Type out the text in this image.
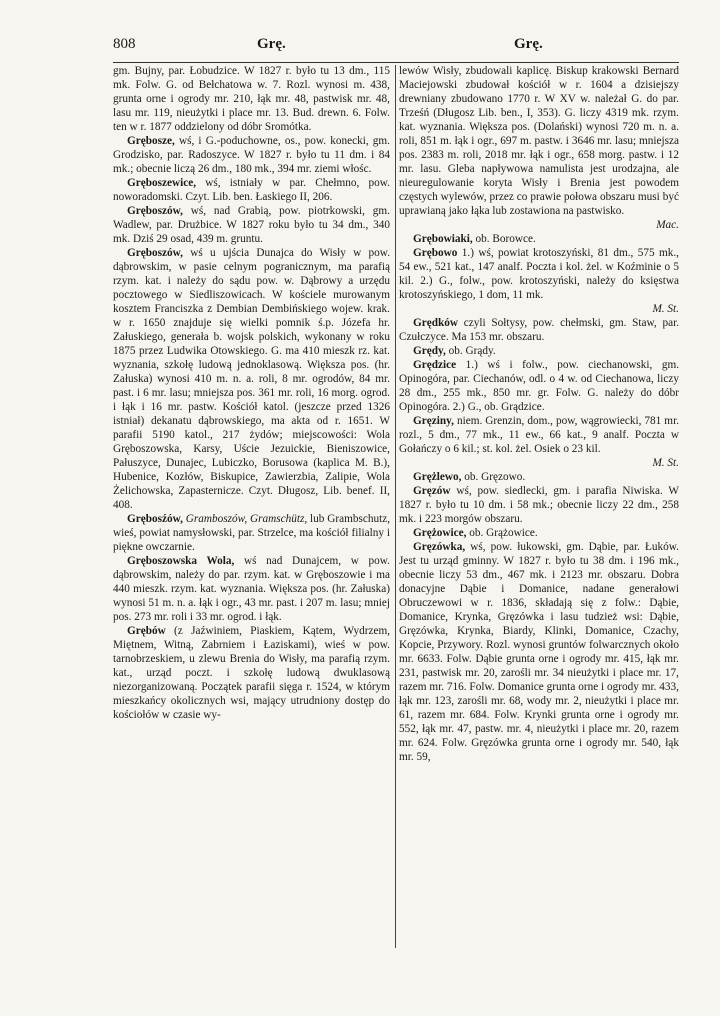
808	Grę.	Grę.

gm. Bujny, par. Łobudzice. W 1827 r. było tu 13 dm., 115 mk. Folw. G. od Bełchatowa w. 7. Rozl. wynosi m. 438, grunta orne i ogrody mr. 210, łąk mr. 48, pastwisk mr. 48, lasu mr. 119, nieużytki i place mr. 13. Bud. drewn. 6. Folw. ten w r. 1877 oddzielony od dóbr Sromótka.

Grębosze, wś, i G.-poduchowne, os., pow. konecki, gm. Grodzisko, par. Radoszyce. W 1827 r. było tu 11 dm. i 84 mk.; obecnie liczą 26 dm., 180 mk., 394 mr. ziemi włośc.

Gręboszewice, wś, istniały w par. Chełmno, pow. noworadomski. Czyt. Lib. ben. Łaskiego II, 206.

Gręboszów, wś, nad Grabią, pow. piotrkowski, gm. Wadlew, par. Drużbice. W 1827 roku było tu 34 dm., 340 mk. Dziś 29 osad, 439 m. gruntu.

Gręboszów, wś u ujścia Dunajca do Wisły w pow. dąbrowskim, w pasie celnym pogranicznym, ma parafią rzym. kat. i należy do sądu pow. w. Dąbrowy a urzędu pocztowego w Siedliszowicach. W kościele murowanym kosztem Franciszka z Dembian Dembińskiego wojew. krak. w r. 1650 znajduje się wielki pomnik ś.p. Józefa hr. Załuskiego, generała b. wojsk polskich, wykonany w roku 1875 przez Ludwika Otowskiego. G. ma 410 mieszk rz. kat. wyznania, szkołę ludową jednoklasową. Większa pos. (hr. Załuska) wynosi 410 m. n. a. roli, 8 mr. ogrodów, 84 mr. past. i 6 mr. lasu; mniejsza pos. 361 mr. roli, 16 morg. ogrod. i łąk i 16 mr. pastw. Kościół katol. (jeszcze przed 1326 istniał) dekanatu dąbrowskiego, ma akta od r. 1651. W parafii 5190 katol., 217 żydów; miejscowości: Wola Gręboszowska, Karsy, Uście Jezuickie, Bieniszowice, Pałuszyce, Dunajec, Lubiczko, Borusowa (kaplica M. B.), Hubenice, Kozłów, Biskupice, Zawierzbia, Zalipie, Wola Żelichowska, Zapasternicze. Czyt. Długosz, Lib. benef. II, 408.

Grębosźów, Gramboszów, Gramschütz, lub Grambschutz, wieś, powiat namysłowski, par. Strzelce, ma kościół filialny i piękne owczarnie.

Gręboszowska Wola, wś nad Dunajcem, w pow. dąbrowskim, należy do par. rzym. kat. w Gręboszowie i ma 440 mieszk. rzym. kat. wyznania. Większa pos. (hr. Załuska) wynosi 51 m. n. a. łąk i ogr., 43 mr. past. i 207 m. lasu; mniej pos. 273 mr. roli i 33 mr. ogrod. i łąk.

Grębów (z Jaźwiniem, Piaskiem, Kątem, Wydrzem, Miętnem, Witną, Zabrniem i Łaziskami), wieś w pow. tarnobrzeskiem, u zlewu Brenia do Wisły, ma parafią rzym. kat., urząd poczt. i szkołę ludową dwuklasową niezorganizowaną. Początek parafii sięga r. 1524, w którym mieszkańcy okolicznych wsi, mający utrudniony dostęp do kościołów w czasie wy-

lewów Wisły, zbudowali kaplicę. Biskup krakowski Bernard Maciejowski zbudował kościół w r. 1604 a dzisiejszy drewniany zbudowano 1770 r. W XV w. należał G. do par. Trześń (Długosz Lib. ben., I, 353). G. liczy 4319 mk. rzym. kat. wyznania. Większa pos. (Dolański) wynosi 720 m. n. a. roli, 851 m. łąk i ogr., 697 m. pastw. i 3646 mr. lasu; mniejsza pos. 2383 m. roli, 2018 mr. łąk i ogr., 658 morg. pastw. i 12 mr. lasu. Gleba napływowa namulista jest urodzajna, ale nieuregulowanie koryta Wisły i Brenia jest powodem częstych wylewów, przez co prawie połowa obszaru musi być uprawianą jako łąka lub zostawiona na pastwisko.
Mac.

Grębowiaki, ob. Borowce.

Grębowo 1.) wś, powiat krotoszyński, 81 dm., 575 mk., 54 ew., 521 kat., 147 analf. Poczta i kol. żel. w Koźminie o 5 kil. 2.) G., folw., pow. krotoszyński, należy do księstwa krotoszyńskiego, 1 dom, 11 mk.
M. St.

Grędków czyli Sołtysy, pow. chełmski, gm. Staw, par. Czułczyce. Ma 153 mr. obszaru.

Grędy, ob. Grądy.

Grędzice 1.) wś i folw., pow. ciechanowski, gm. Opinogóra, par. Ciechanów, odl. o 4 w. od Ciechanowa, liczy 28 dm., 255 mk., 850 mr. gr. Folw. G. należy do dóbr Opinogóra. 2.) G., ob. Grądzice.

Gręziny, niem. Grenzin, dom., pow, wągrowiecki, 781 mr. rozl., 5 dm., 77 mk., 11 ew., 66 kat., 9 analf. Poczta w Gołańczy o 6 kil.; st. kol. żel. Osiek o 23 kil.
M. St.

Grężlewo, ob. Gręzowo.

Gręzów wś, pow. siedlecki, gm. i parafia Niwiska. W 1827 r. było tu 10 dm. i 58 mk.; obecnie liczy 22 dm., 258 mk. i 223 morgów obszaru.

Grężowice, ob. Grążowice.

Gręzówka, wś, pow. łukowski, gm. Dąbie, par. Łuków. Jest tu urząd gminny. W 1827 r. było tu 38 dm. i 196 mk., obecnie liczy 53 dm., 467 mk. i 2123 mr. obszaru. Dobra donacyjne Dąbie i Domanice, nadane generałowi Obruczewowi w r. 1836, składają się z folw.: Dąbie, Domanice, Krynka, Gręzówka i lasu tudzież wsi: Dąbie, Gręzówka, Krynka, Biardy, Klinki, Domanice, Czachy, Kopcie, Przywory. Rozl. wynosi gruntów folwarcznych około mr. 6633. Folw. Dąbie grunta orne i ogrody mr. 415, łąk mr. 231, pastwisk mr. 20, zarośli mr. 34 nieużytki i place mr. 17, razem mr. 716. Folw. Domanice grunta orne i ogrody mr. 433, łąk mr. 123, zarośli mr. 68, wody mr. 2, nieużytki i place mr. 61, razem mr. 684. Folw. Krynki grunta orne i ogrody mr. 552, łąk mr. 47, pastw. mr. 4, nieużytki i place mr. 20, razem mr. 624. Folw. Gręzówka grunta orne i ogrody mr. 540, łąk mr. 59,
